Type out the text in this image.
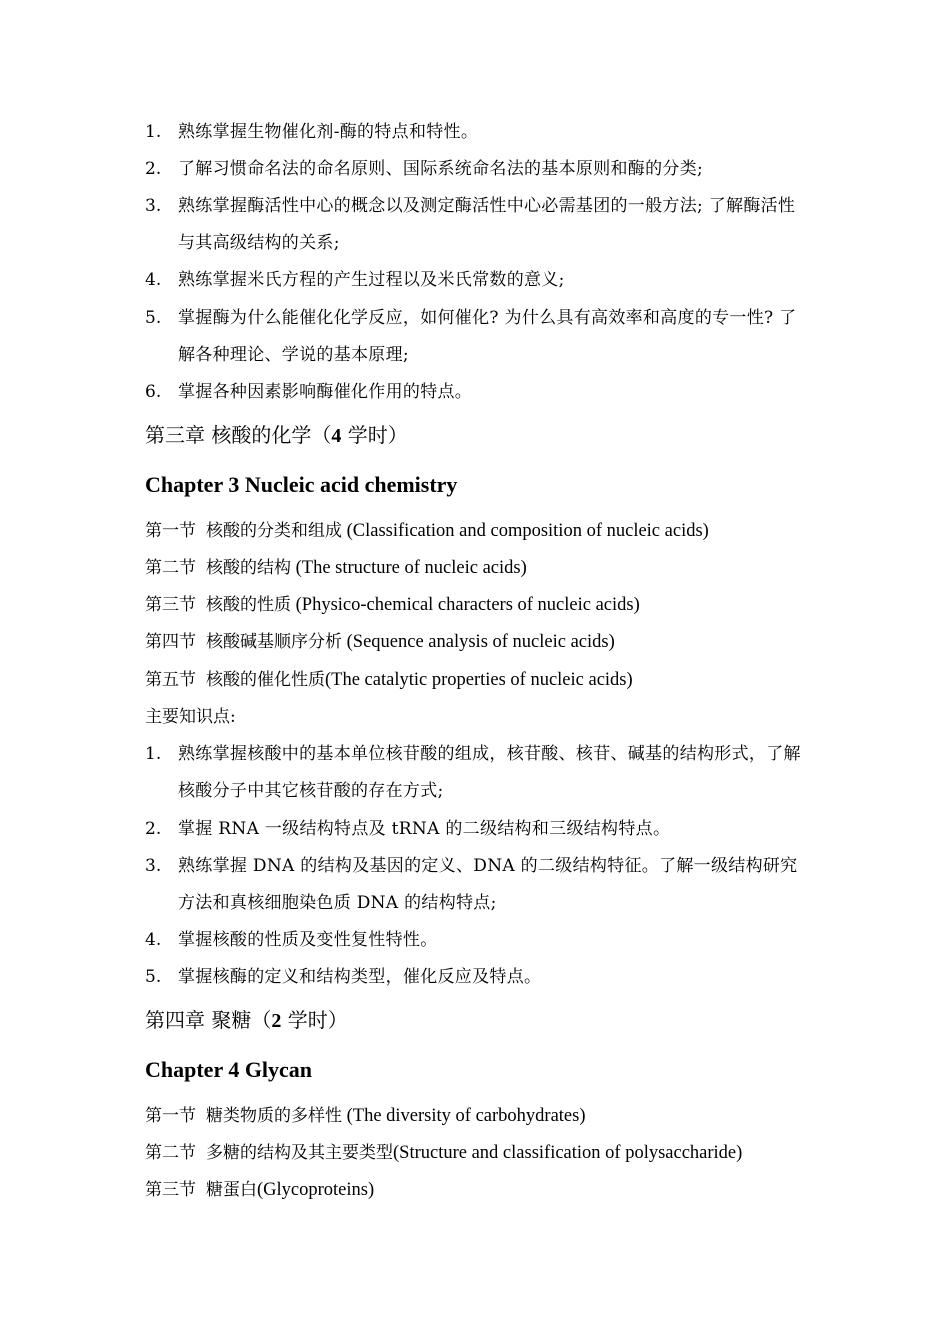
1. 熟练掌握生物催化剂-酶的特点和特性。
2. 了解习惯命名法的命名原则、国际系统命名法的基本原则和酶的分类;
3. 熟练掌握酶活性中心的概念以及测定酶活性中心必需基团的一般方法; 了解酶活性与其高级结构的关系;
4. 熟练掌握米氏方程的产生过程以及米氏常数的意义;
5. 掌握酶为什么能催化化学反应，如何催化? 为什么具有高效率和高度的专一性? 了解各种理论、学说的基本原理;
6. 掌握各种因素影响酶催化作用的特点。
第三章 核酸的化学（4 学时）
Chapter 3 Nucleic acid chemistry
第一节 核酸的分类和组成 (Classification and composition of nucleic acids)
第二节 核酸的结构 (The structure of nucleic acids)
第三节 核酸的性质 (Physico-chemical characters of nucleic acids)
第四节 核酸碱基顺序分析 (Sequence analysis of nucleic acids)
第五节 核酸的催化性质(The catalytic properties of nucleic acids)
主要知识点:
1. 熟练掌握核酸中的基本单位核苷酸的组成，核苷酸、核苷、碱基的结构形式，了解核酸分子中其它核苷酸的存在方式;
2. 掌握 RNA 一级结构特点及 tRNA 的二级结构和三级结构特点。
3. 熟练掌握 DNA 的结构及基因的定义、DNA 的二级结构特征。了解一级结构研究方法和真核细胞染色质 DNA 的结构特点;
4. 掌握核酸的性质及变性复性特性。
5. 掌握核酶的定义和结构类型，催化反应及特点。
第四章 聚糖（2 学时）
Chapter 4 Glycan
第一节 糖类物质的多样性 (The diversity of carbohydrates)
第二节 多糖的结构及其主要类型(Structure and classification of polysaccharide)
第三节 糖蛋白(Glycoproteins)
